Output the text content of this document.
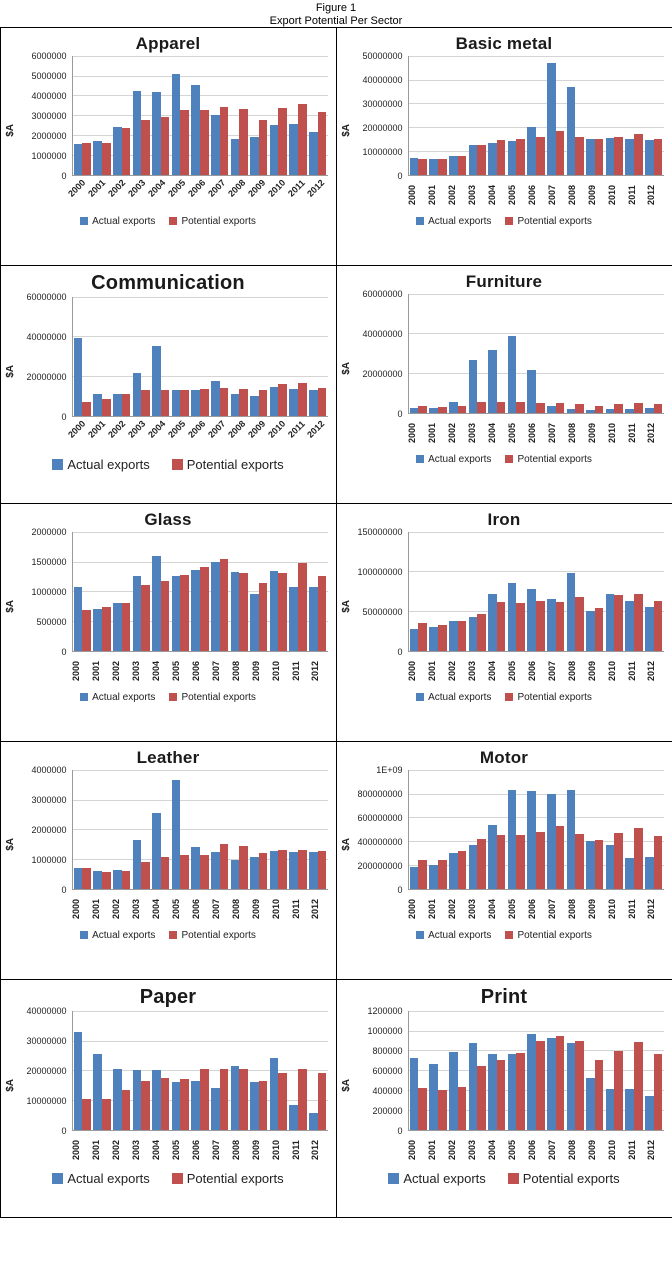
Figure 1
Export Potential Per Sector
Apparel
$A
0
1000000
2000000
3000000
4000000
5000000
6000000
2000
2001
2002
2003
2004
2005
2006
2007
2008
2009
2010
2011
2012
Actual exports	Potential exports
Basic metal
$A
0
10000000
20000000
30000000
40000000
50000000
2000	2001	2002	2003	2004	2005	2006	2007	2008	2009	2010	2011	2012
Actual exports	Potential exports
Communication
$A
0
20000000
40000000
60000000
2000
2001
2002
2003
2004
2005
2006
2007
2008
2009
2010
2011
2012
Actual exports	Potential exports
Furniture
$A
0
20000000
40000000
60000000
2000	2001	2002	2003	2004	2005	2006	2007	2008	2009	2010	2011	2012
Actual exports	Potential exports
Glass
$A
0
500000
1000000
1500000
2000000
2000	2001	2002	2003	2004	2005	2006	2007	2008	2009	2010	2011	2012
Actual exports	Potential exports
Iron
$A
0
50000000
100000000
150000000
2000	2001	2002	2003	2004	2005	2006	2007	2008	2009	2010	2011	2012
Actual exports	Potential exports
Leather
$A
0
1000000
2000000
3000000
4000000
2000	2001	2002	2003	2004	2005	2006	2007	2008	2009	2010	2011	2012
Actual exports	Potential exports
Motor
$A
0
200000000
400000000
600000000
800000000
1E+09
2000	2001	2002	2003	2004	2005	2006	2007	2008	2009	2010	2011	2012
Actual exports	Potential exports
Paper
$A
0
10000000
20000000
30000000
40000000
2000	2001	2002	2003	2004	2005	2006	2007	2008	2009	2010	2011	2012
Actual exports	Potential exports
Print
$A
0
200000
400000
600000
800000
1000000
1200000
2000	2001	2002	2003	2004	2005	2006	2007	2008	2009	2010	2011	2012
Actual exports	Potential exports
